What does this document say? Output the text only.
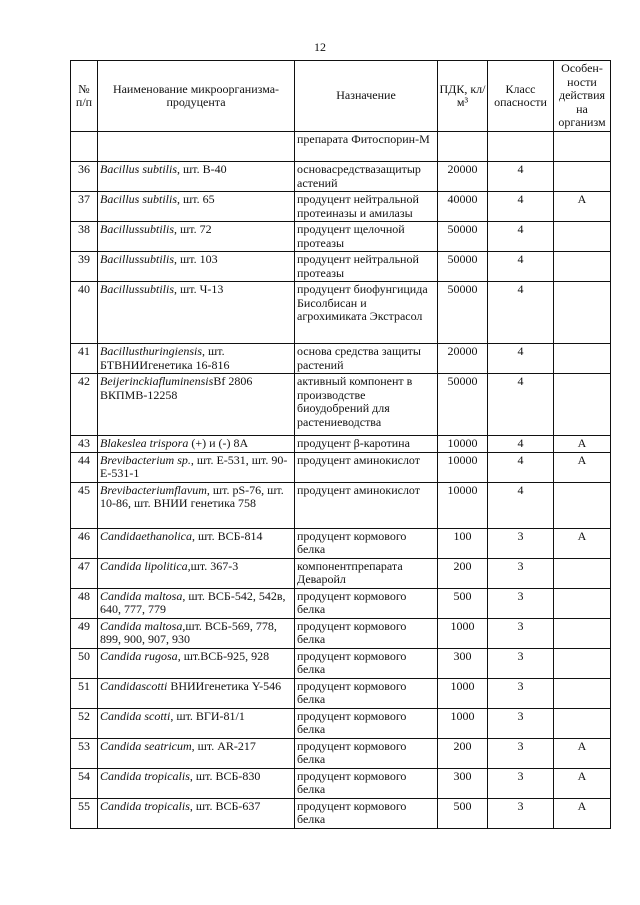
12
№ п/п	Наименование микроорганизма-продуцента	Назначение	ПДК, кл/м³	Класс опасности	Особен-ности действия на организм
		препарата Фитоспорин-М			
36	Bacillus subtilis, шт. В-40	основасредствазащитыр астений	20000	4	
37	Bacillus subtilis, шт. 65	продуцент нейтральной протеиназы и амилазы	40000	4	А
38	Bacillussubtilis, шт. 72	продуцент щелочной протеазы	50000	4	
39	Bacillussubtilis, шт. 103	продуцент нейтральной протеазы	50000	4	
40	Bacillussubtilis, шт. Ч-13	продуцент биофунгицида Бисолбисан и агрохимиката Экстрасол	50000	4	
41	Bacillusthuringiensis, шт. БТВНИИгенетика 16-816	основа средства защиты растений	20000	4	
42	BeijerinckiafluminensisBf 2806 ВКПМВ-12258	активный компонент в производстве биоудобрений для растениеводства	50000	4	
43	Blakeslea trispora (+) и (-) 8А	продуцент β-каротина	10000	4	А
44	Brevibacterium sp., шт. Е-531, шт. 90-Е-531-1	продуцент аминокислот	10000	4	А
45	Brevibacteriumflavum, шт. pS-76, шт. 10-86, шт. ВНИИ генетика 758	продуцент аминокислот	10000	4	
46	Candidaethanolica, шт. ВСБ-814	продуцент кормового белка	100	3	А
47	Candida lipolitica,шт. 367-3	компонентпрепарата Деваройл	200	3	
48	Candida maltosa, шт. ВСБ-542, 542в, 640, 777, 779	продуцент кормового белка	500	3	
49	Candida maltosa,шт. ВСБ-569, 778, 899, 900, 907, 930	продуцент кормового белка	1000	3	
50	Candida rugosa, шт.ВСБ-925, 928	продуцент кормового белка	300	3	
51	Candidascotti ВНИИгенетика Y-546	продуцент кормового белка	1000	3	
52	Candida scotti, шт. ВГИ-81/1	продуцент кормового белка	1000	3	
53	Candida seatricum, шт. AR-217	продуцент кормового белка	200	3	А
54	Candida tropicalis, шт. ВСБ-830	продуцент кормового белка	300	3	А
55	Candida tropicalis, шт. ВСБ-637	продуцент кормового белка	500	3	А
